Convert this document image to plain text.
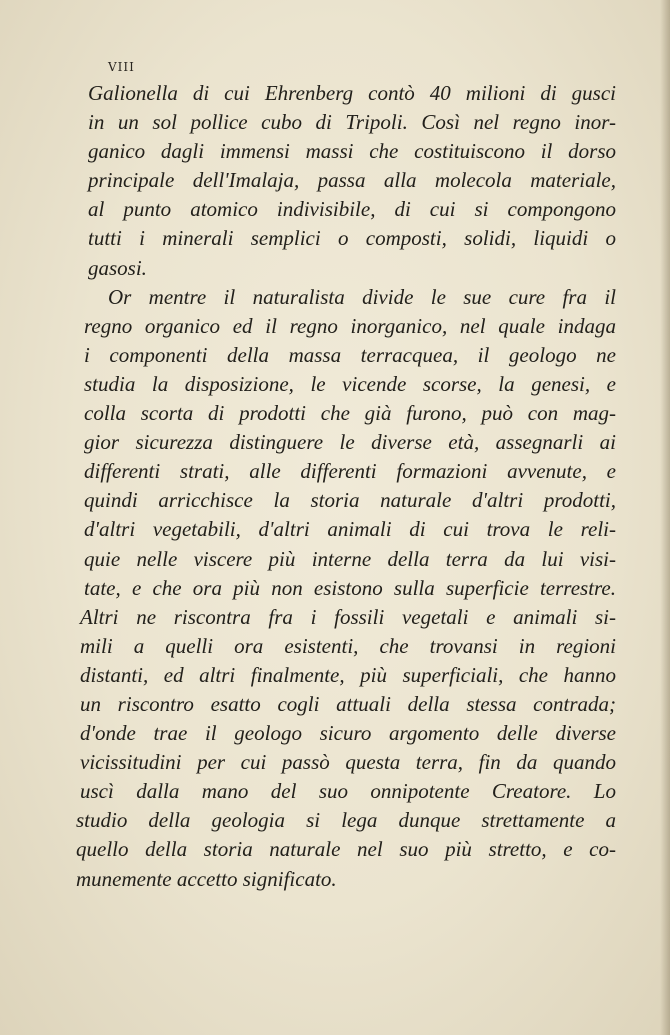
VIII
Galionella di cui Ehrenberg contò 40 milioni di gusci
in un sol pollice cubo di Tripoli. Così nel regno inor-
ganico dagli immensi massi che costituiscono il dorso
principale dell'Imalaja, passa alla molecola materiale,
al punto atomico indivisibile, di cui si compongono
tutti i minerali semplici o composti, solidi, liquidi o
gasosi.
Or mentre il naturalista divide le sue cure fra il
regno organico ed il regno inorganico, nel quale indaga
i componenti della massa terracquea, il geologo ne
studia la disposizione, le vicende scorse, la genesi, e
colla scorta di prodotti che già furono, può con mag-
gior sicurezza distinguere le diverse età, assegnarli ai
differenti strati, alle differenti formazioni avvenute, e
quindi arricchisce la storia naturale d'altri prodotti,
d'altri vegetabili, d'altri animali di cui trova le reli-
quie nelle viscere più interne della terra da lui visi-
tate, e che ora più non esistono sulla superficie terrestre.
Altri ne riscontra fra i fossili vegetali e animali si-
mili a quelli ora esistenti, che trovansi in regioni
distanti, ed altri finalmente, più superficiali, che hanno
un riscontro esatto cogli attuali della stessa contrada;
d'onde trae il geologo sicuro argomento delle diverse
vicissitudini per cui passò questa terra, fin da quando
uscì dalla mano del suo onnipotente Creatore. Lo
studio della geologia si lega dunque strettamente a
quello della storia naturale nel suo più stretto, e co-
munemente accetto significato.
